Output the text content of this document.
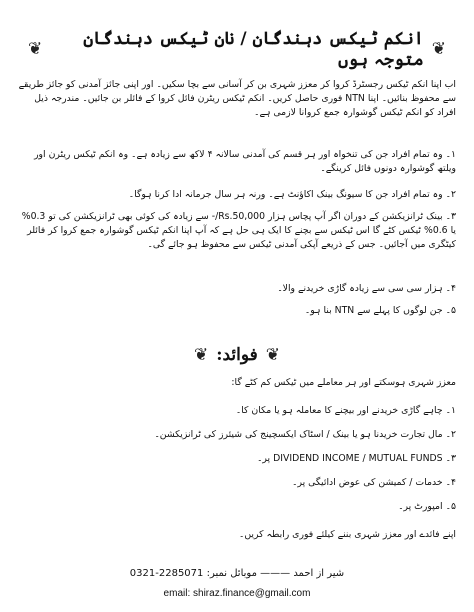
❦
انکم ٹیکس دہندگان / نان ٹیکس دہندگان متوجہ ہوں
❦
اب اپنا انکم ٹیکس رجسٹرڈ کروا کر معزز شہری بن کر آسانی سے بچا سکیں۔ اور اپنی جائز آمدنی کو جائز طریقے سے محفوظ بنائیں۔ اپنا NTN فوری حاصل کریں۔ انکم ٹیکس ریٹرن فائل کروا کے فائلر بن جائیں۔ مندرجہ ذیل افراد کو انکم ٹیکس گوشوارہ جمع کروانا لازمی ہے۔
۱۔ وہ تمام افراد جن کی تنخواہ اور ہر قسم کی آمدنی سالانہ ۴ لاکھ سے زیادہ ہے۔ وہ انکم ٹیکس ریٹرن اور ویلتھ گوشوارہ دونوں فائل کرینگے۔
۲۔ وہ تمام افراد جن کا سیونگ بینک اکاؤنٹ ہے۔ ورنہ ہر سال جرمانہ ادا کرنا ہوگا۔
۳۔ بینک ٹرانزیکشن کے دوران اگر آپ پچاس ہزار Rs.50,000/- سے زیادہ کی کوئی بھی ٹرانزیکشن کی تو 0.3% یا 0.6% ٹیکس کٹے گا اس ٹیکس سے بچنے کا ایک ہی حل ہے کہ آپ اپنا انکم ٹیکس گوشوارہ جمع کروا کر فائلر کیٹگری میں آجائیں۔ جس کے ذریعے آپکی آمدنی ٹیکس سے محفوظ ہو جائے گی۔
۴۔ ہزار سی سی سے زیادہ گاڑی خریدنے والا۔
۵۔ جن لوگوں کا پہلے سے NTN بنا ہو۔
❦
فوائد:
❦
معزز شہری ہوسکتے اور ہر معاملے میں ٹیکس کم کٹے گا:
۱۔ چاہے گاڑی خریدنے اور بیچنے کا معاملہ ہو یا مکان کا۔
۲۔ مال تجارت خریدنا ہو یا بینک / اسٹاک ایکسچینج کی شیئرز کی ٹرانزیکشن۔
۳۔ DIVIDEND INCOME / MUTUAL FUNDS پر۔
۴۔ خدمات / کمیشن کی عوض ادائیگی پر۔
۵۔ امپورٹ پر۔
اپنے فائدے اور معزز شہری بننے کیلئے فوری رابطہ کریں۔
0321-2285071 موبائل نمبر: ——— شیر از احمد
email: shiraz.finance@gmail.com
